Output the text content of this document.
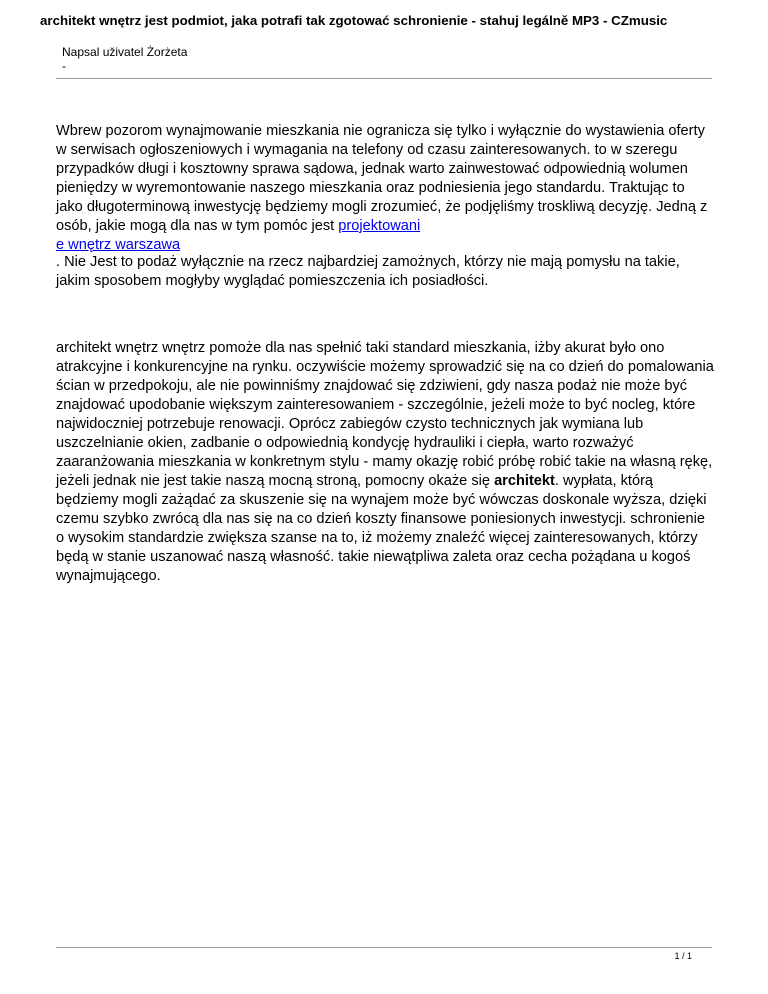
architekt wnętrz jest podmiot, jaka potrafi tak zgotować schronienie - stahuj legálně MP3 - CZmusic
Napsal uživatel Żorżeta
-

Wbrew pozorom wynajmowanie mieszkania nie ogranicza się tylko i wyłącznie do wystawienia oferty w serwisach ogłoszeniowych i wymagania na telefony od czasu zainteresowanych. to w szeregu przypadków długi i kosztowny sprawa sądowa, jednak warto zainwestować odpowiednią wolumen pieniędzy w wyremontowanie naszego mieszkania oraz podniesienia jego standardu. Traktując to jako długoterminową inwestycję będziemy mogli zrozumieć, że podjęliśmy troskliwą decyzję. Jedną z osób, jakie mogą dla nas w tym pomóc jest projektowani
e wnętrz warszawa

. Nie Jest to podaż wyłącznie na rzecz najbardziej zamożnych, którzy nie mają pomysłu na takie, jakim sposobem mogłyby wyglądać pomieszczenia ich posiadłości.

architekt wnętrz wnętrz pomoże dla nas spełnić taki standard mieszkania, iżby akurat było ono atrakcyjne i konkurencyjne na rynku. oczywiście możemy sprowadzić się na co dzień do pomalowania ścian w przedpokoju, ale nie powinniśmy znajdować się zdziwieni, gdy nasza podaż nie może być znajdować upodobanie większym zainteresowaniem - szczególnie, jeżeli może to być nocleg, które najwidoczniej potrzebuje renowacji. Oprócz zabiegów czysto technicznych jak wymiana lub uszczelnianie okien, zadbanie o odpowiednią kondycję hydrauliki i ciepła, warto rozważyć zaaranżowania mieszkania w konkretnym stylu - mamy okazję robić próbę robić takie na własną rękę, jeżeli jednak nie jest takie naszą mocną stroną, pomocny okaże się architekt. wypłata, którą będziemy mogli zażądać za skuszenie się na wynajem może być wówczas doskonale wyższa, dzięki czemu szybko zwrócą dla nas się na co dzień koszty finansowe poniesionych inwestycji. schronienie o wysokim standardzie zwiększa szanse na to, iż możemy znaleźć więcej zainteresowanych, którzy będą w stanie uszanować naszą własność. takie niewątpliwa zaleta oraz cecha pożądana u kogoś wynajmującego.

1 / 1
